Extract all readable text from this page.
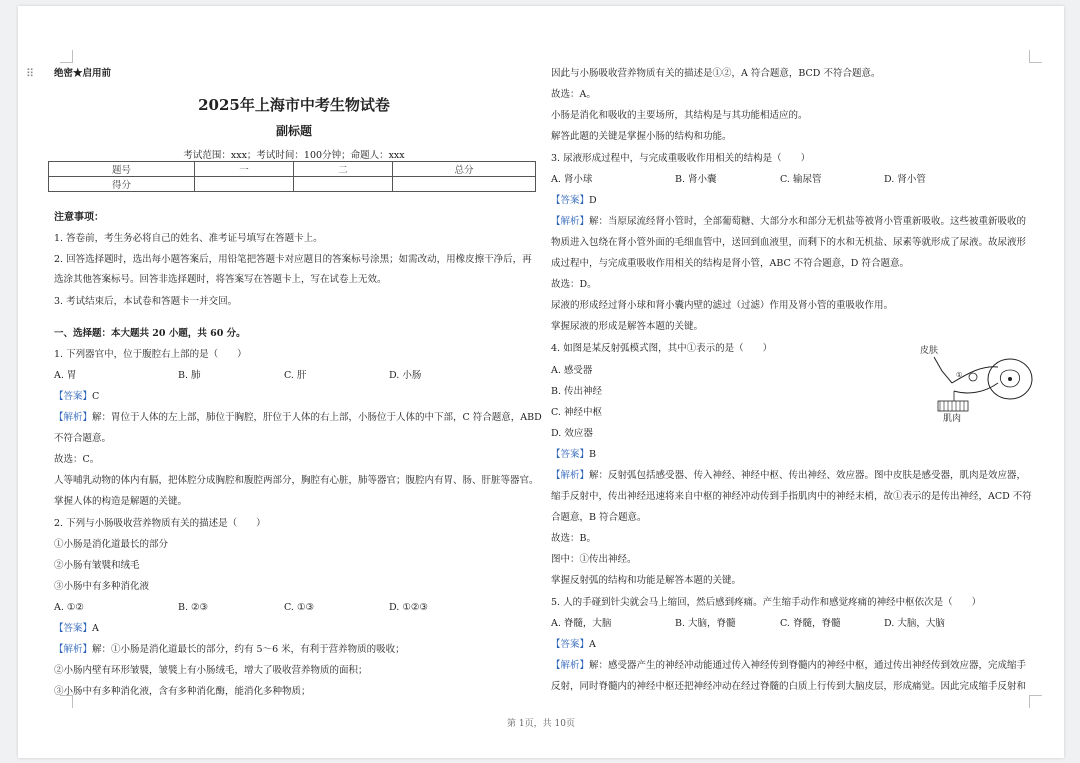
⠿ 绝密★启用前
2025年上海市中考生物试卷
副标题
考试范围：xxx；考试时间：100分钟；命题人：xxx
题号	一	二	总分
得分			
注意事项：
1. 答卷前，考生务必将自己的姓名、准考证号填写在答题卡上。
2. 回答选择题时，选出每小题答案后，用铅笔把答题卡对应题目的答案标号涂黑；如需改动，用橡皮擦干净后，再
选涂其他答案标号。回答非选择题时，将答案写在答题卡上，写在试卷上无效。
3. 考试结束后，本试卷和答题卡一并交回。
一、选择题：本大题共 20 小题，共 60 分。
1. 下列器官中，位于腹腔右上部的是（　　）
A. 胃	B. 肺	C. 肝	D. 小肠
【答案】C
【解析】解：胃位于人体的左上部，肺位于胸腔，肝位于人体的右上部，小肠位于人体的中下部，C 符合题意，ABD
不符合题意。
故选：C。
人等哺乳动物的体内有膈，把体腔分成胸腔和腹腔两部分，胸腔有心脏，肺等器官；腹腔内有胃、肠、肝脏等器官。
掌握人体的构造是解题的关键。
2. 下列与小肠吸收营养物质有关的描述是（　　）
①小肠是消化道最长的部分
②小肠有皱襞和绒毛
③小肠中有多种消化液
A. ①②	B. ②③	C. ①③	D. ①②③
【答案】A
【解析】解：①小肠是消化道最长的部分，约有 5～6 米，有利于营养物质的吸收；
②小肠内壁有环形皱襞，皱襞上有小肠绒毛，增大了吸收营养物质的面积；
③小肠中有多种消化液，含有多种消化酶，能消化多种物质；
因此与小肠吸收营养物质有关的描述是①②，A 符合题意，BCD 不符合题意。
故选：A。
小肠是消化和吸收的主要场所，其结构是与其功能相适应的。
解答此题的关键是掌握小肠的结构和功能。
3. 尿液形成过程中，与完成重吸收作用相关的结构是（　　）
A. 肾小球	B. 肾小囊	C. 输尿管	D. 肾小管
【答案】D
【解析】解：当原尿流经肾小管时，全部葡萄糖、大部分水和部分无机盐等被肾小管重新吸收。这些被重新吸收的
物质进入包绕在肾小管外面的毛细血管中，送回到血液里，而剩下的水和无机盐、尿素等就形成了尿液。故尿液形
成过程中，与完成重吸收作用相关的结构是肾小管，ABC 不符合题意，D 符合题意。
故选：D。
尿液的形成经过肾小球和肾小囊内壁的滤过（过滤）作用及肾小管的重吸收作用。
掌握尿液的形成是解答本题的关键。
4. 如图是某反射弧模式图，其中①表示的是（　　）
A. 感受器
B. 传出神经
C. 神经中枢
D. 效应器
【答案】B
【解析】解：反射弧包括感受器、传入神经、神经中枢、传出神经、效应器。图中皮肤是感受器，肌肉是效应器，
缩手反射中，传出神经迅速将来自中枢的神经冲动传到手指肌肉中的神经末梢，故①表示的是传出神经，ACD 不符
合题意，B 符合题意。
故选：B。
图中：①传出神经。
掌握反射弧的结构和功能是解答本题的关键。
5. 人的手碰到针尖就会马上缩回，然后感到疼痛。产生缩手动作和感觉疼痛的神经中枢依次是（　　）
A. 脊髓，大脑	B. 大脑，脊髓	C. 脊髓，脊髓	D. 大脑，大脑
【答案】A
【解析】解：感受器产生的神经冲动能通过传入神经传到脊髓内的神经中枢，通过传出神经传到效应器，完成缩手
反射，同时脊髓内的神经中枢还把神经冲动在经过脊髓的白质上行传到大脑皮层，形成痛觉。因此完成缩手反射和
皮肤
肌肉
①
第 1页，共 10页
